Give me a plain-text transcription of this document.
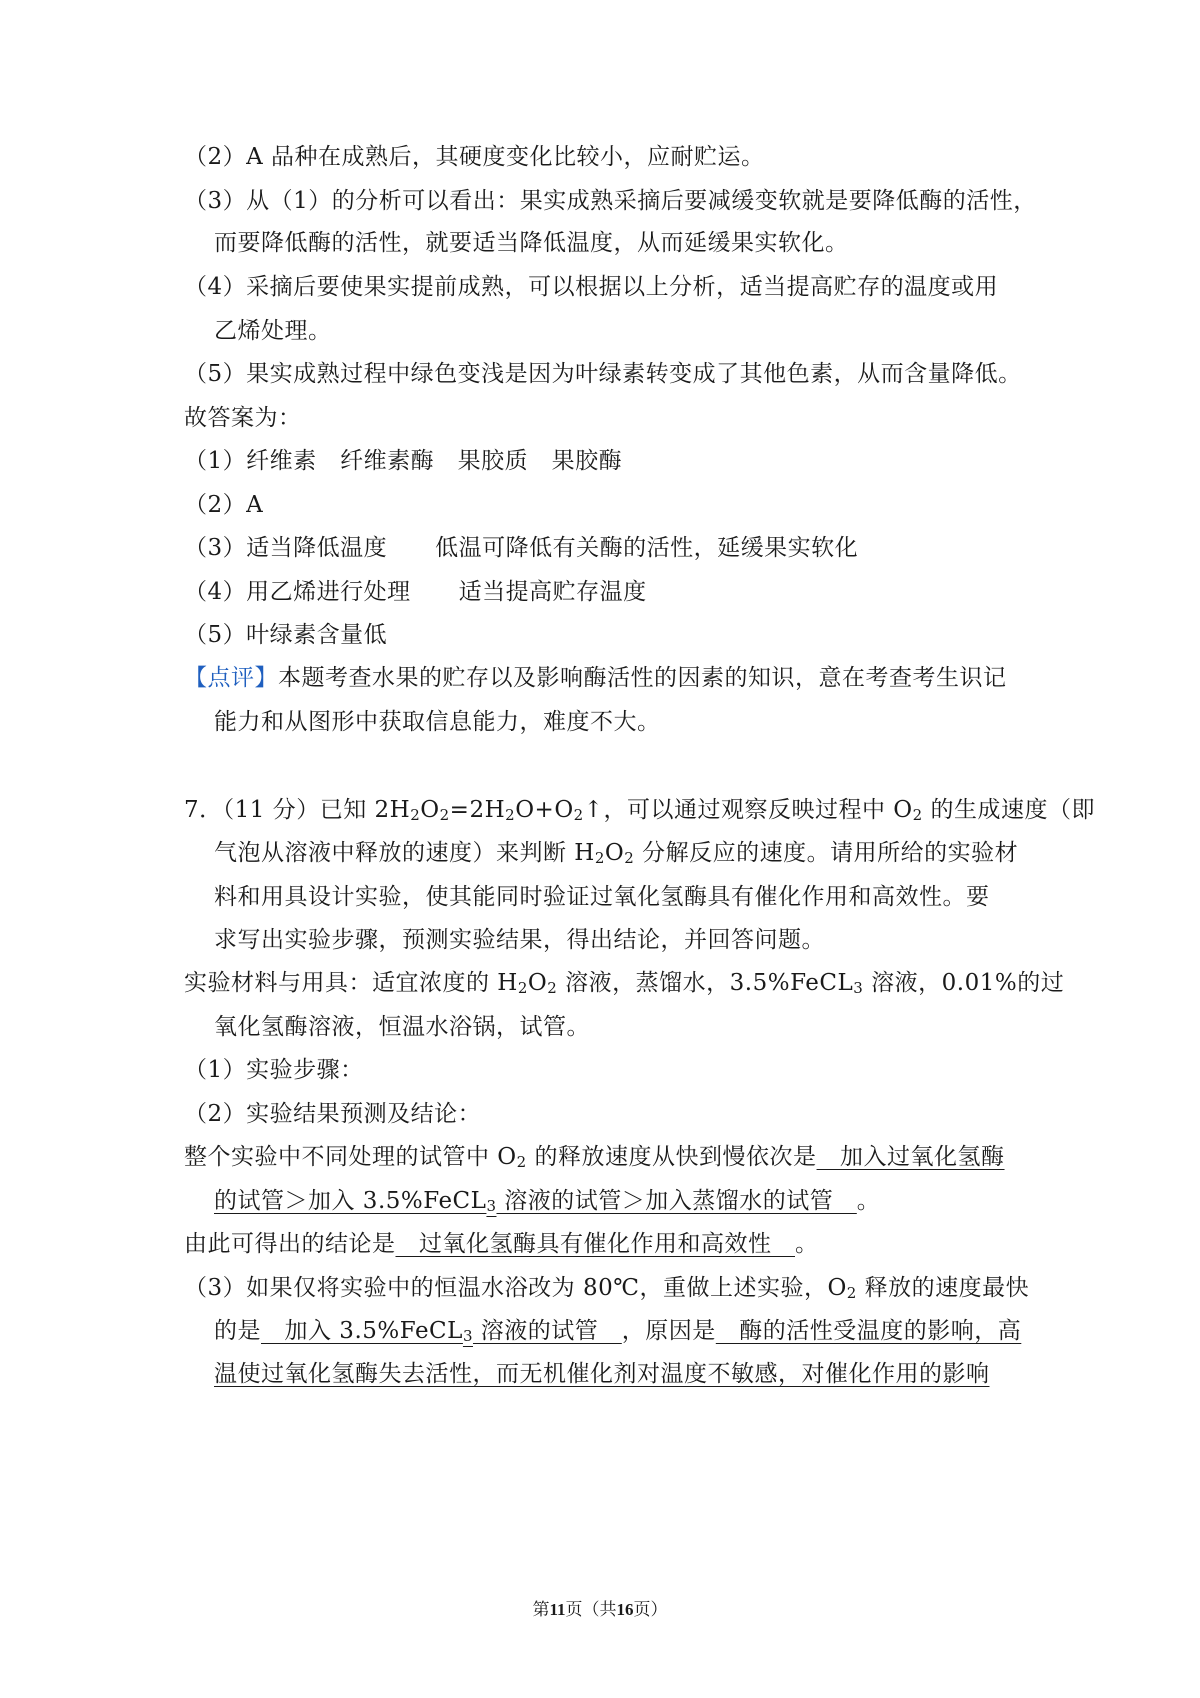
（2）A 品种在成熟后，其硬度变化比较小，应耐贮运。
（3）从（1）的分析可以看出：果实成熟采摘后要减缓变软就是要降低酶的活性，
而要降低酶的活性，就要适当降低温度，从而延缓果实软化。
（4）采摘后要使果实提前成熟，可以根据以上分析，适当提高贮存的温度或用
乙烯处理。
（5）果实成熟过程中绿色变浅是因为叶绿素转变成了其他色素，从而含量降低。
故答案为：
（1）纤维素　纤维素酶　果胶质　果胶酶
（2）A
（3）适当降低温度 低温可降低有关酶的活性，延缓果实软化
（4）用乙烯进行处理 适当提高贮存温度
（5）叶绿素含量低
【点评】本题考查水果的贮存以及影响酶活性的因素的知识，意在考查考生识记
能力和从图形中获取信息能力，难度不大。
7．（11 分）已知 $2H_2O_2=2H_2O+O_2↑$，可以通过观察反映过程中 $O_2$ 的生成速度（即
气泡从溶液中释放的速度）来判断 $H_2O_2$ 分解反应的速度。请用所给的实验材
料和用具设计实验，使其能同时验证过氧化氢酶具有催化作用和高效性。要
求写出实验步骤，预测实验结果，得出结论，并回答问题。
实验材料与用具：适宜浓度的 $H_2O_2$ 溶液，蒸馏水，3.5%FeCL$_3$ 溶液，0.01%的过
氧化氢酶溶液，恒温水浴锅，试管。
（1）实验步骤：
（2）实验结果预测及结论：
整个实验中不同处理的试管中 $O_2$ 的释放速度从快到慢依次是　加入过氧化氢酶
的试管＞加入 3.5%FeCL$_3$ 溶液的试管＞加入蒸馏水的试管　。
由此可得出的结论是　过氧化氢酶具有催化作用和高效性　。
（3）如果仅将实验中的恒温水浴改为 80℃，重做上述实验，$O_2$ 释放的速度最快
的是　加入 3.5%FeCL$_3$ 溶液的试管　，原因是　酶的活性受温度的影响，高
温使过氧化氢酶失去活性，而无机催化剂对温度不敏感，对催化作用的影响
第11页（共16页）
